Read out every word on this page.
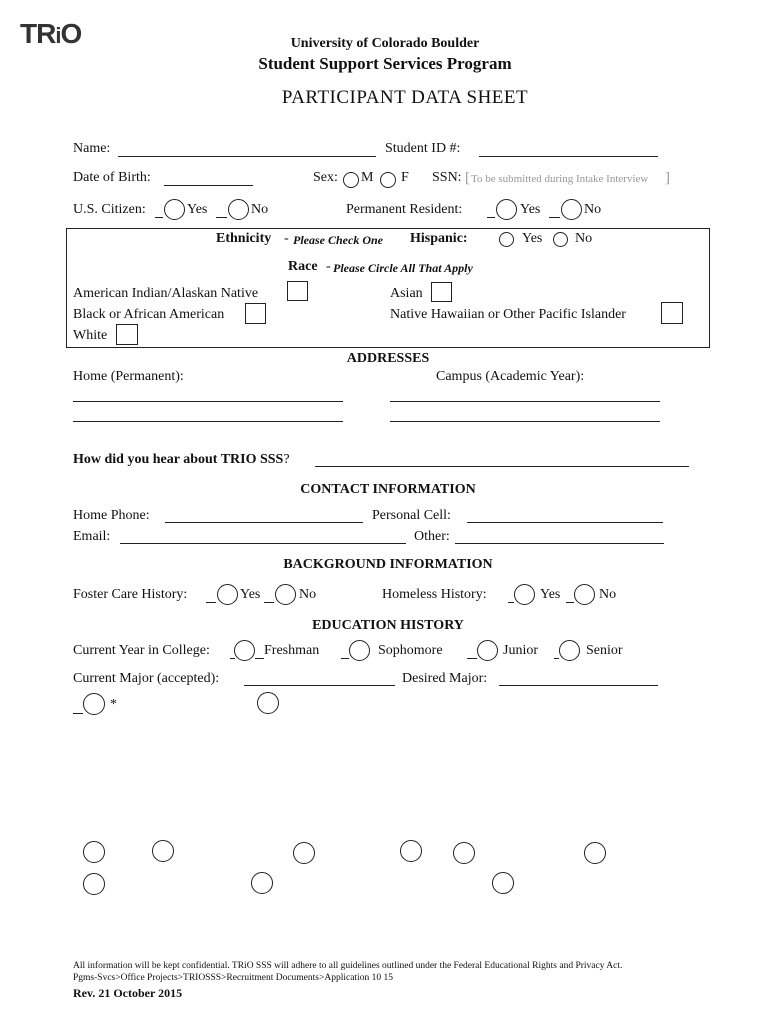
TRiO	University of Colorado Boulder
Student Support Services Program
PARTICIPANT DATA SHEET
Name:	Student ID #:
Date of Birth:	Sex: M F SSN: [ To be submitted during Intake Interview ]
U.S. Citizen:	Yes	No	Permanent Resident:	Yes	No
Ethnicity - Please Check One Hispanic:	Yes No
Race - Please Circle All That Apply
American Indian/Alaskan Native	Asian
Black or African American	Native Hawaiian or Other Pacific Islander
White
ADDRESSES
Home (Permanent):	Campus (Academic Year):
How did you hear about TRIO SSS?
CONTACT INFORMATION
Home Phone:	Personal Cell:
Email:	Other:
BACKGROUND INFORMATION
Foster Care History:	Yes	No	Homeless History:	Yes	No
EDUCATION HISTORY
Current Year in College:	Freshman	Sophomore	Junior	Senior
Current Major (accepted):	Desired Major:
*
All information will be kept confidential. TRiO SSS will adhere to all guidelines outlined under the Federal Educational Rights and Privacy Act.
Pgms-Svcs>Office Projects>TRIOSSS>Recruitment Documents>Application 10 15
Rev. 21 October 2015
